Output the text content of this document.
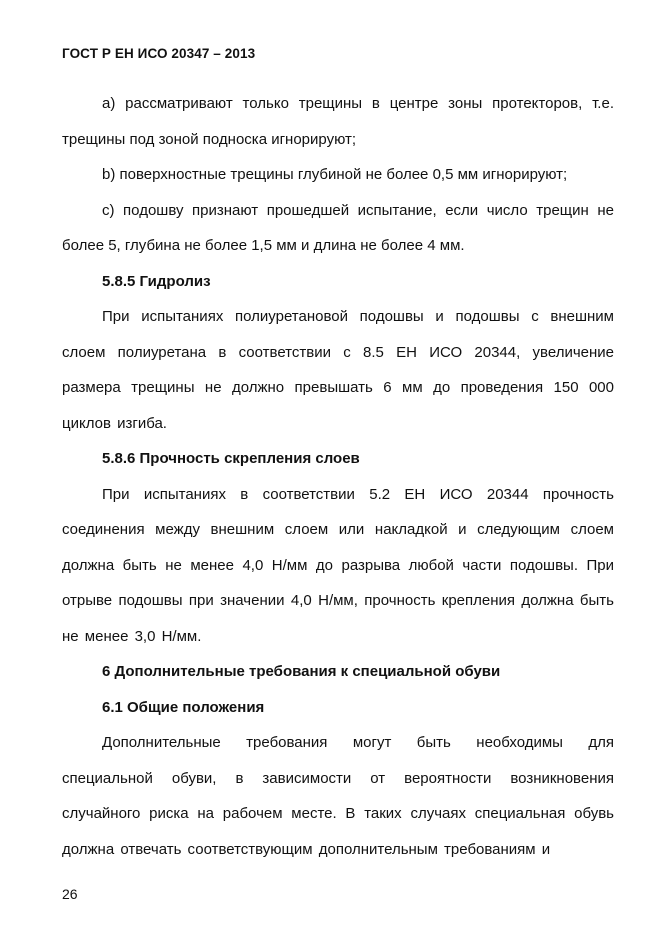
ГОСТ Р ЕН ИСО 20347 – 2013

a) рассматривают только трещины в центре зоны протекторов, т.е. трещины под зоной подноска игнорируют;

b) поверхностные трещины глубиной не более 0,5 мм игнорируют;

c) подошву признают прошедшей испытание, если число трещин не более 5, глубина не более 1,5 мм и длина не более 4 мм.

5.8.5 Гидролиз

При испытаниях полиуретановой подошвы и подошвы с внешним слоем полиуретана в соответствии с 8.5 ЕН ИСО 20344, увеличение размера трещины не должно превышать 6 мм до проведения 150 000 циклов изгиба.

5.8.6 Прочность скрепления слоев

При испытаниях в соответствии 5.2 ЕН ИСО 20344 прочность соединения между внешним слоем или накладкой и следующим слоем должна быть не менее 4,0 Н/мм до разрыва любой части подошвы. При отрыве подошвы при значении 4,0 Н/мм, прочность крепления должна быть не менее 3,0 Н/мм.

6 Дополнительные требования к специальной обуви

6.1 Общие положения

Дополнительные требования могут быть необходимы для специальной обуви, в зависимости от вероятности возникновения случайного риска на рабочем месте. В таких случаях специальная обувь должна отвечать соответствующим дополнительным требованиям и

26
